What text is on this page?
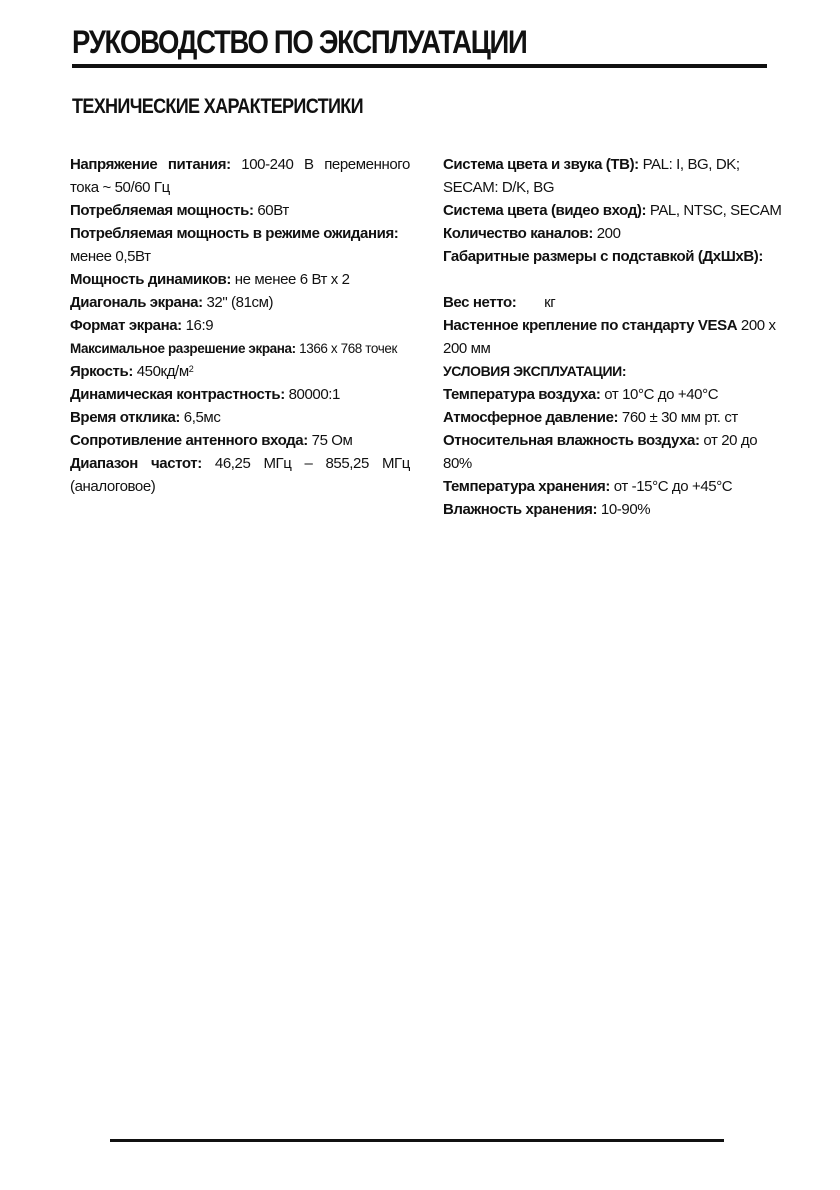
РУКОВОДСТВО ПО ЭКСПЛУАТАЦИИ
ТЕХНИЧЕСКИЕ ХАРАКТЕРИСТИКИ

Напряжение питания: 100-240 В переменного тока ~ 50/60 Гц

Потребляемая мощность: 60Вт

Потребляемая мощность в режиме ожидания: менее 0,5Вт

Мощность динамиков: не менее 6 Вт x 2

Диагональ экрана: 32" (81см)

Формат экрана: 16:9

Максимальное разрешение экрана: 1366 x 768 точек

Яркость: $450кд/м^2$

Динамическая контрастность: 80000:1

Время отклика: 6,5мс

Сопротивление антенного входа: 75 Ом

Диапазон частот: 46,25 МГц – 855,25 МГц (аналоговое)

Система цвета и звука (ТВ): PAL: I, BG, DK; SECAM: D/K, BG

Система цвета (видео вход): PAL, NTSC, SECAM

Количество каналов: 200

Габаритные размеры с подставкой (ДхШхВ):

Вес нетто: кг

Настенное крепление по стандарту VESA 200 х 200 мм

УСЛОВИЯ ЭКСПЛУАТАЦИИ:

Температура воздуха: от 10°C до +40°C

Атмосферное давление: 760 ± 30 мм рт. ст

Относительная влажность воздуха: от 20 до 80%

Температура хранения: от -15°C до +45°C

Влажность хранения: 10-90%
